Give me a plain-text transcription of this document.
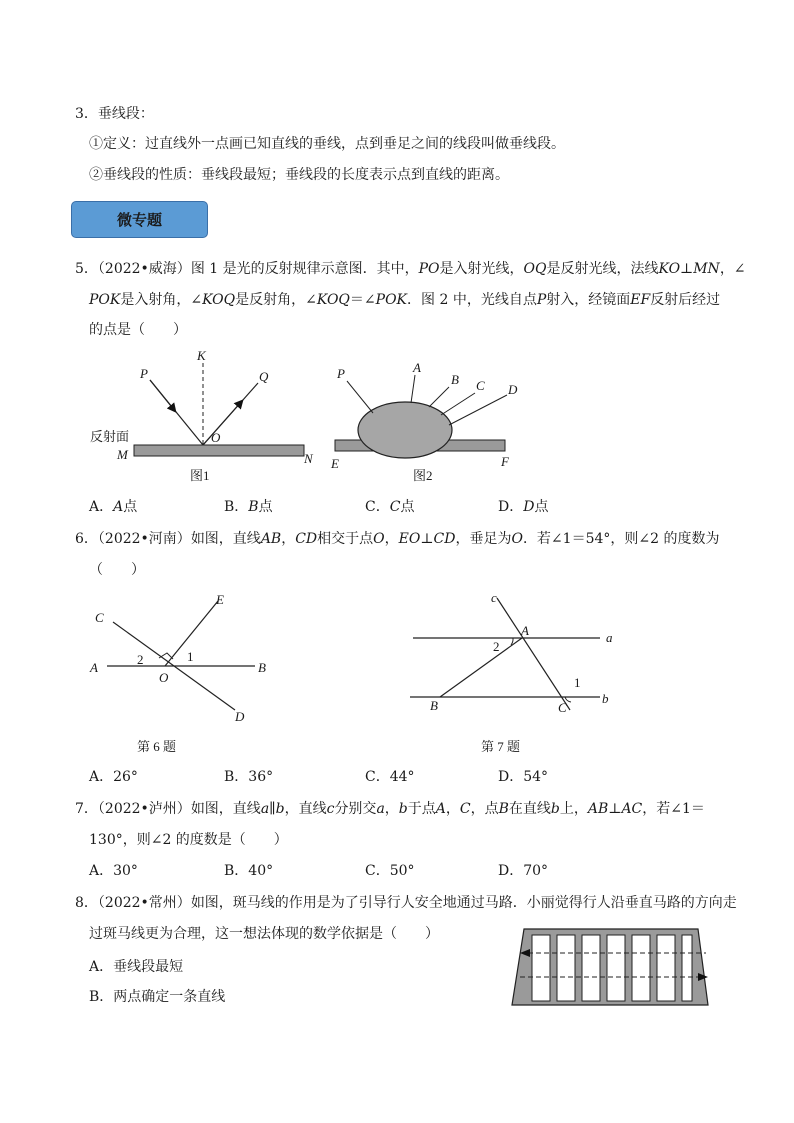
3．垂线段：
①定义：过直线外一点画已知直线的垂线，点到垂足之间的线段叫做垂线段。
②垂线段的性质：垂线段最短；垂线段的长度表示点到直线的距离。
微专题
5．（2022•威海）图 1 是光的反射规律示意图．其中，PO是入射光线，OQ是反射光线，法线KO⊥MN，∠
POK是入射角，∠KOQ是反射角，∠KOQ＝∠POK．图 2 中，光线自点P射入，经镜面EF反射后经过
的点是（　　）
P
K
Q
O
反射面
M	N
图1
P	A
B C D
E	F
图2
A．A点	B．B点	C．C点	D．D点
6．（2022•河南）如图，直线AB，CD相交于点O，EO⊥CD，垂足为O．若∠1＝54°，则∠2 的度数为
（　　）
C
E
A	B
O
D
1
2
第 6 题
c
a
b
A
B	C
1
2
第 7 题
A．26°	B．36°	C．44°	D．54°
7．（2022•泸州）如图，直线a∥b，直线c分别交a，b于点A，C，点B在直线b上，AB⊥AC，若∠1＝
130°，则∠2 的度数是（　　）
A．30°	B．40°	C．50°	D．70°
8．（2022•常州）如图，斑马线的作用是为了引导行人安全地通过马路．小丽觉得行人沿垂直马路的方向走
过斑马线更为合理，这一想法体现的数学依据是（　　）
A．垂线段最短
B．两点确定一条直线
